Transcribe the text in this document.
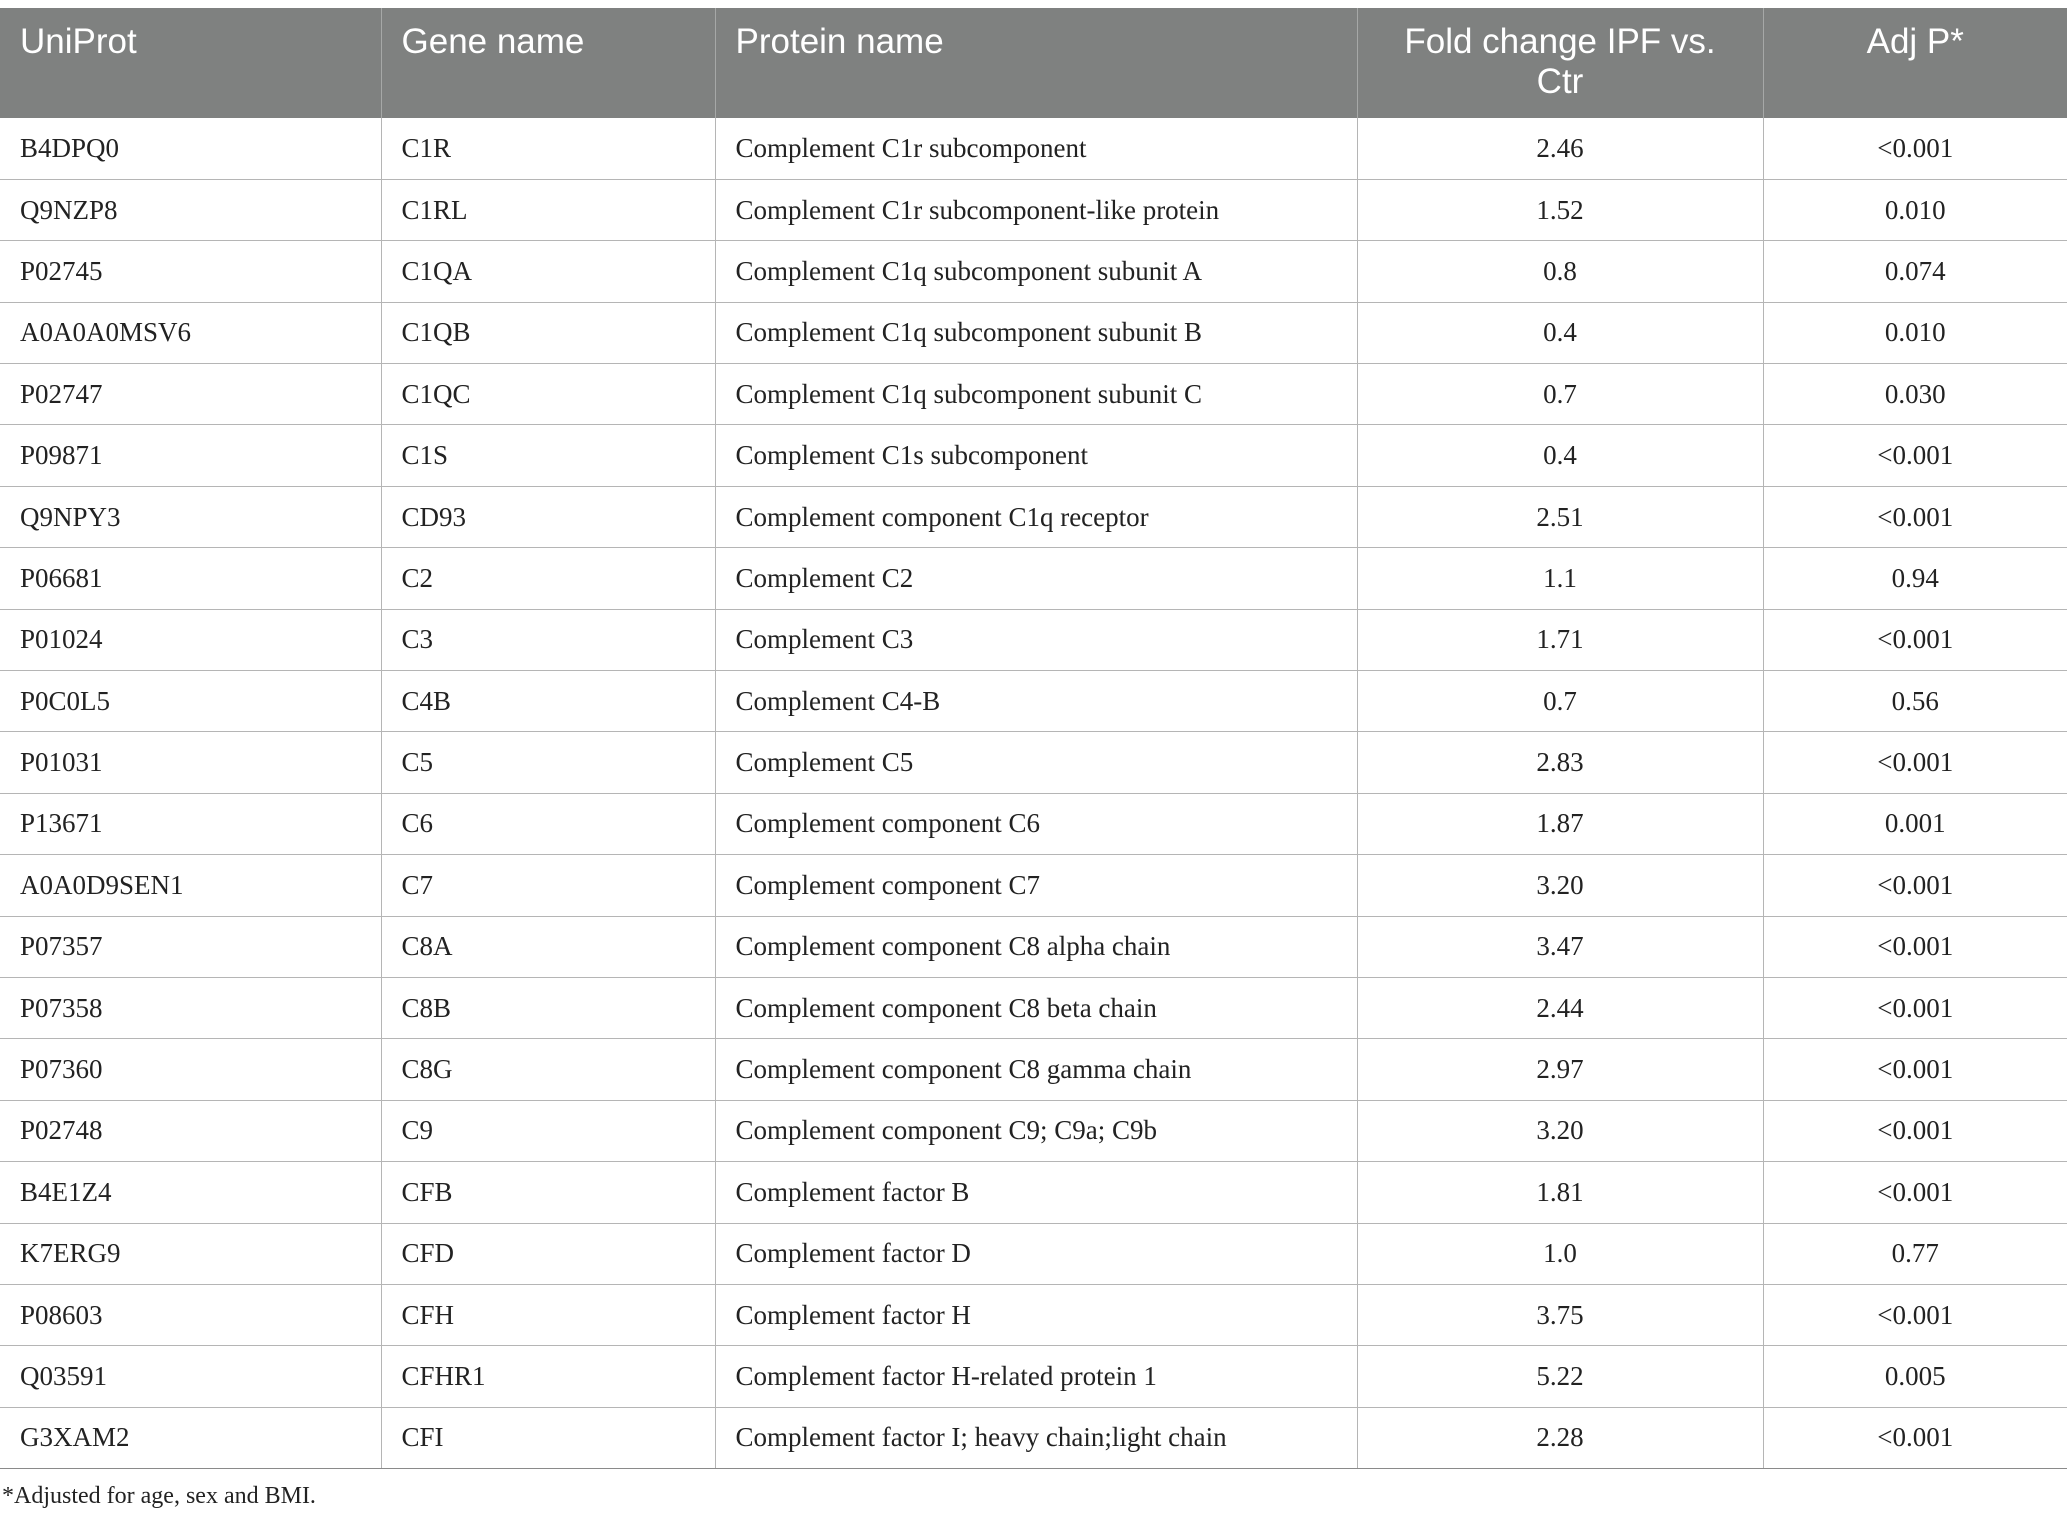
UniProt	Gene name	Protein name	Fold change IPF vs. Ctr	Adj P*
B4DPQ0	C1R	Complement C1r subcomponent	2.46	<0.001
Q9NZP8	C1RL	Complement C1r subcomponent-like protein	1.52	0.010
P02745	C1QA	Complement C1q subcomponent subunit A	0.8	0.074
A0A0A0MSV6	C1QB	Complement C1q subcomponent subunit B	0.4	0.010
P02747	C1QC	Complement C1q subcomponent subunit C	0.7	0.030
P09871	C1S	Complement C1s subcomponent	0.4	<0.001
Q9NPY3	CD93	Complement component C1q receptor	2.51	<0.001
P06681	C2	Complement C2	1.1	0.94
P01024	C3	Complement C3	1.71	<0.001
P0C0L5	C4B	Complement C4-B	0.7	0.56
P01031	C5	Complement C5	2.83	<0.001
P13671	C6	Complement component C6	1.87	0.001
A0A0D9SEN1	C7	Complement component C7	3.20	<0.001
P07357	C8A	Complement component C8 alpha chain	3.47	<0.001
P07358	C8B	Complement component C8 beta chain	2.44	<0.001
P07360	C8G	Complement component C8 gamma chain	2.97	<0.001
P02748	C9	Complement component C9; C9a; C9b	3.20	<0.001
B4E1Z4	CFB	Complement factor B	1.81	<0.001
K7ERG9	CFD	Complement factor D	1.0	0.77
P08603	CFH	Complement factor H	3.75	<0.001
Q03591	CFHR1	Complement factor H-related protein 1	5.22	0.005
G3XAM2	CFI	Complement factor I; heavy chain;light chain	2.28	<0.001
*Adjusted for age, sex and BMI.
